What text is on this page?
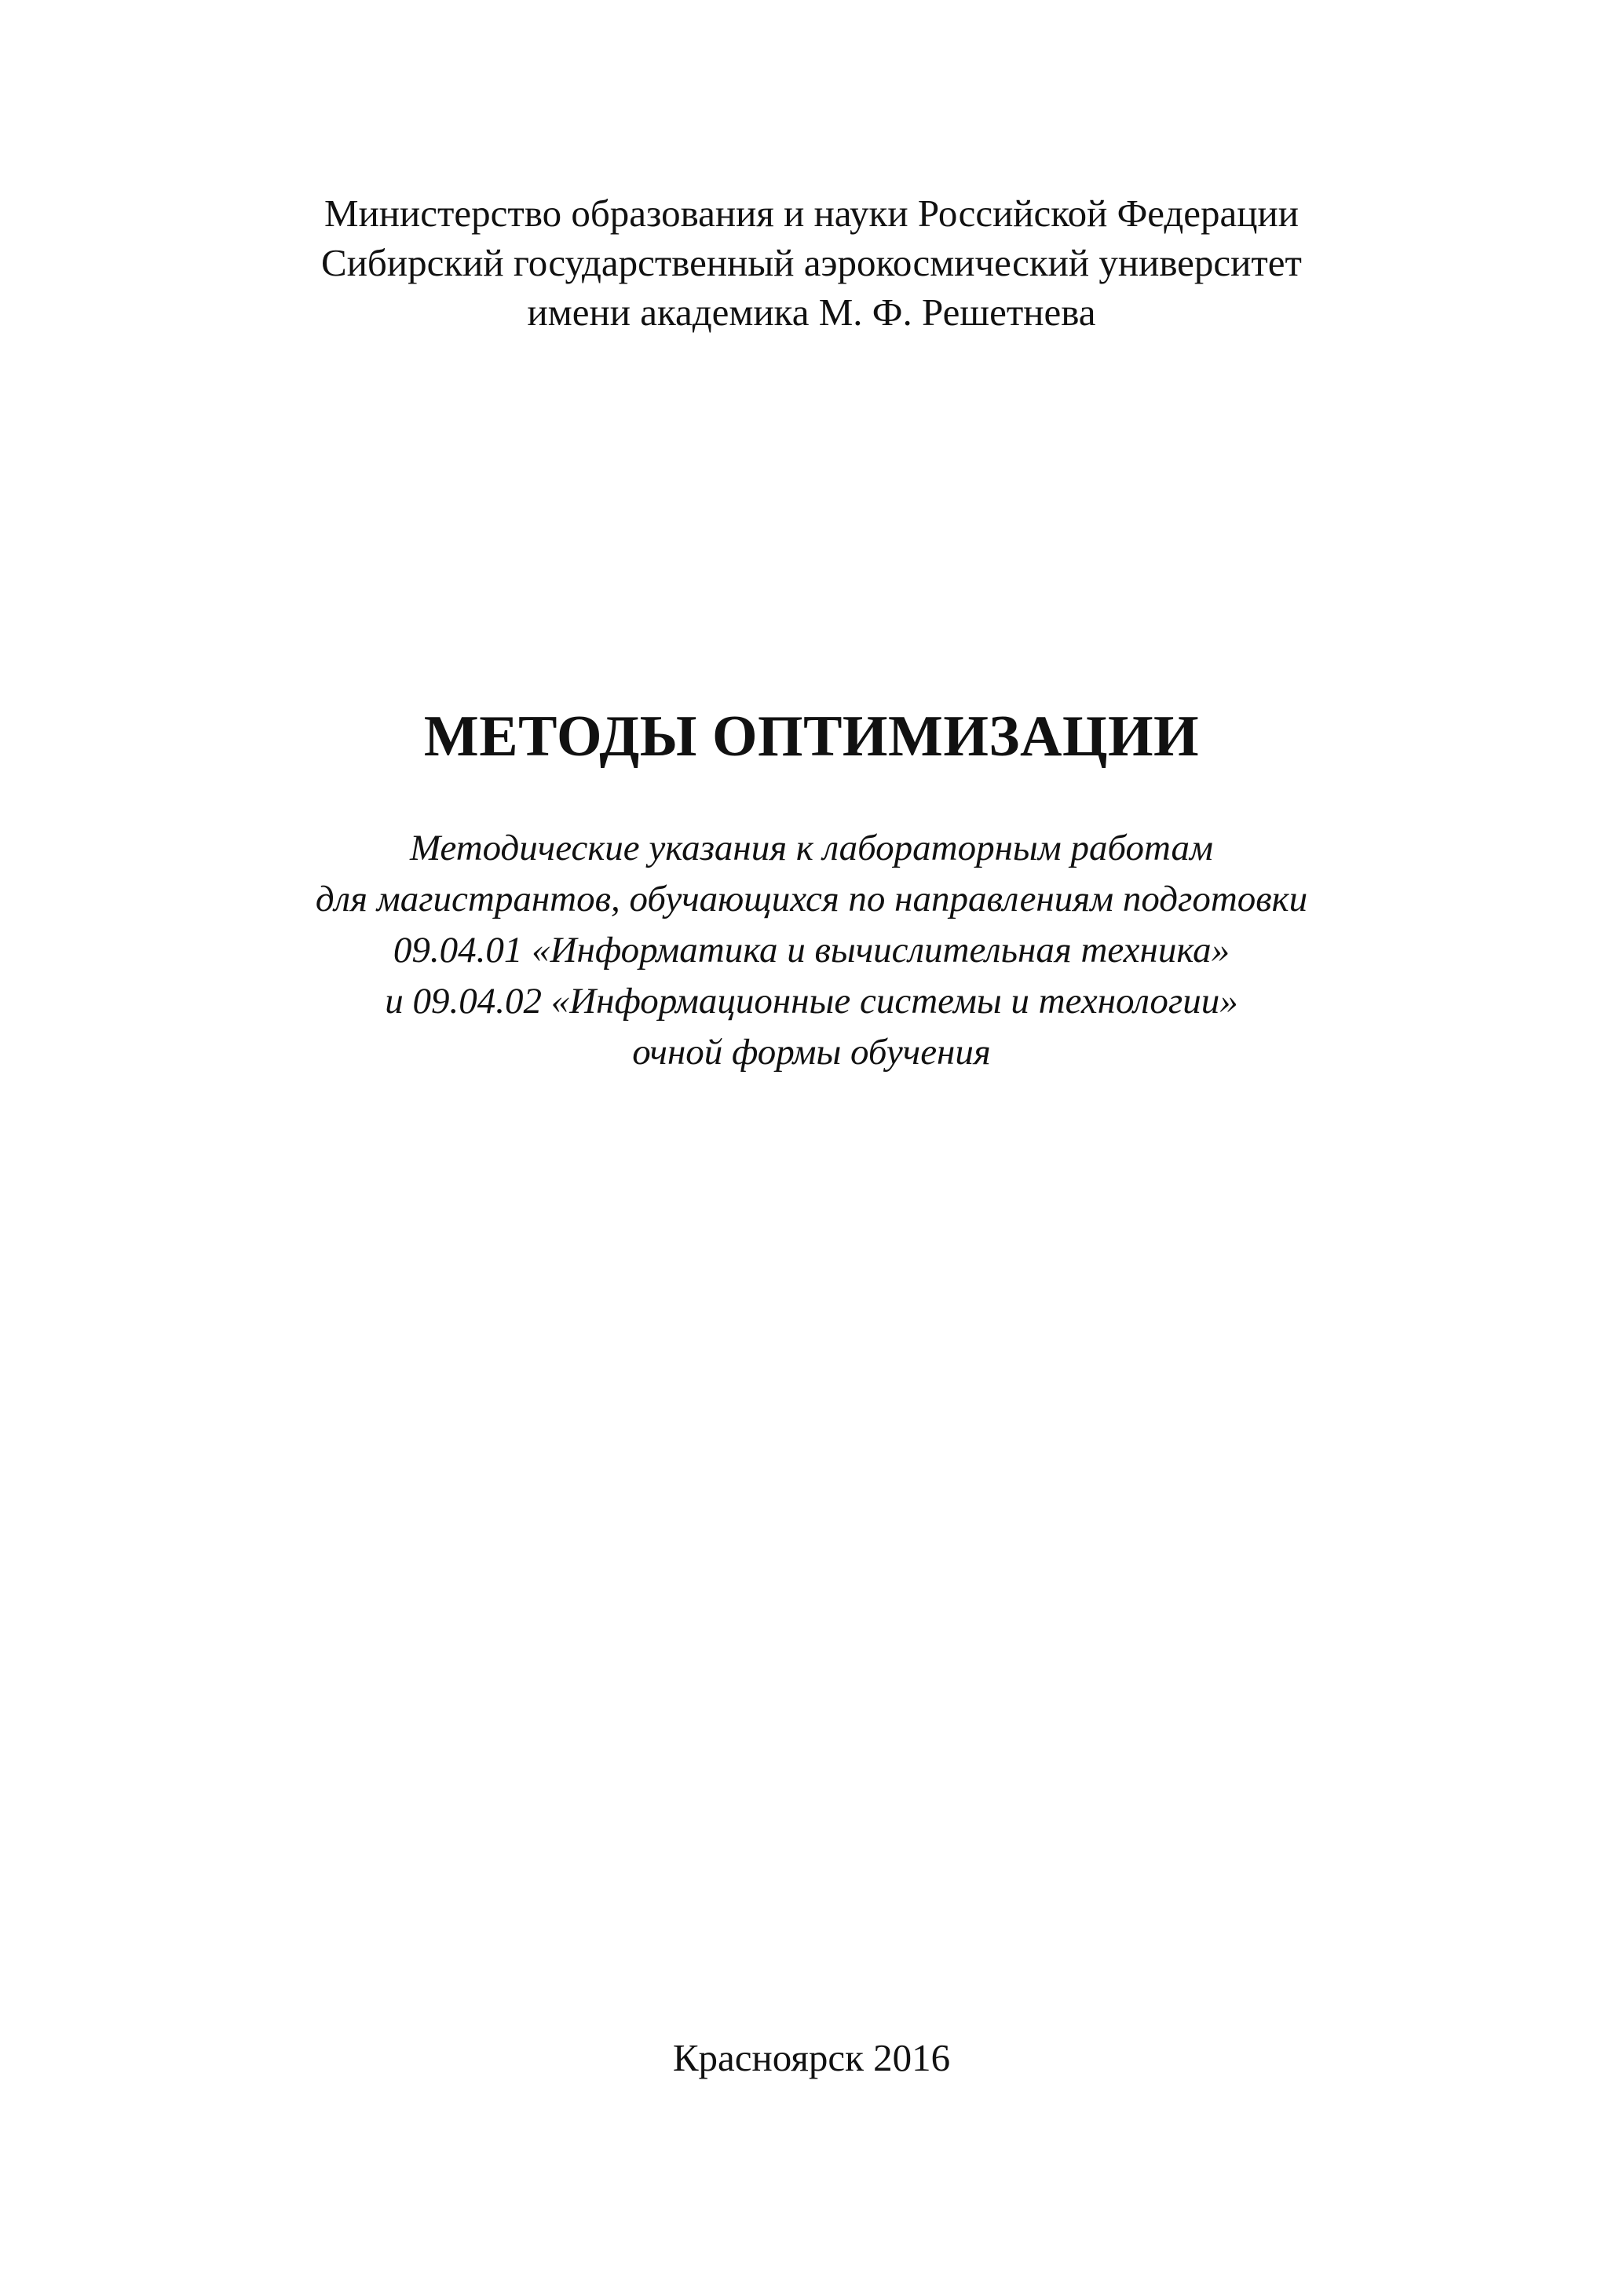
Министерство образования и науки Российской Федерации
Сибирский государственный аэрокосмический университет
имени академика М. Ф. Решетнева
МЕТОДЫ ОПТИМИЗАЦИИ
Методические указания к лабораторным работам
для магистрантов, обучающихся по направлениям подготовки
09.04.01 «Информатика и вычислительная техника»
и 09.04.02 «Информационные системы и технологии»
очной формы обучения
Красноярск 2016
